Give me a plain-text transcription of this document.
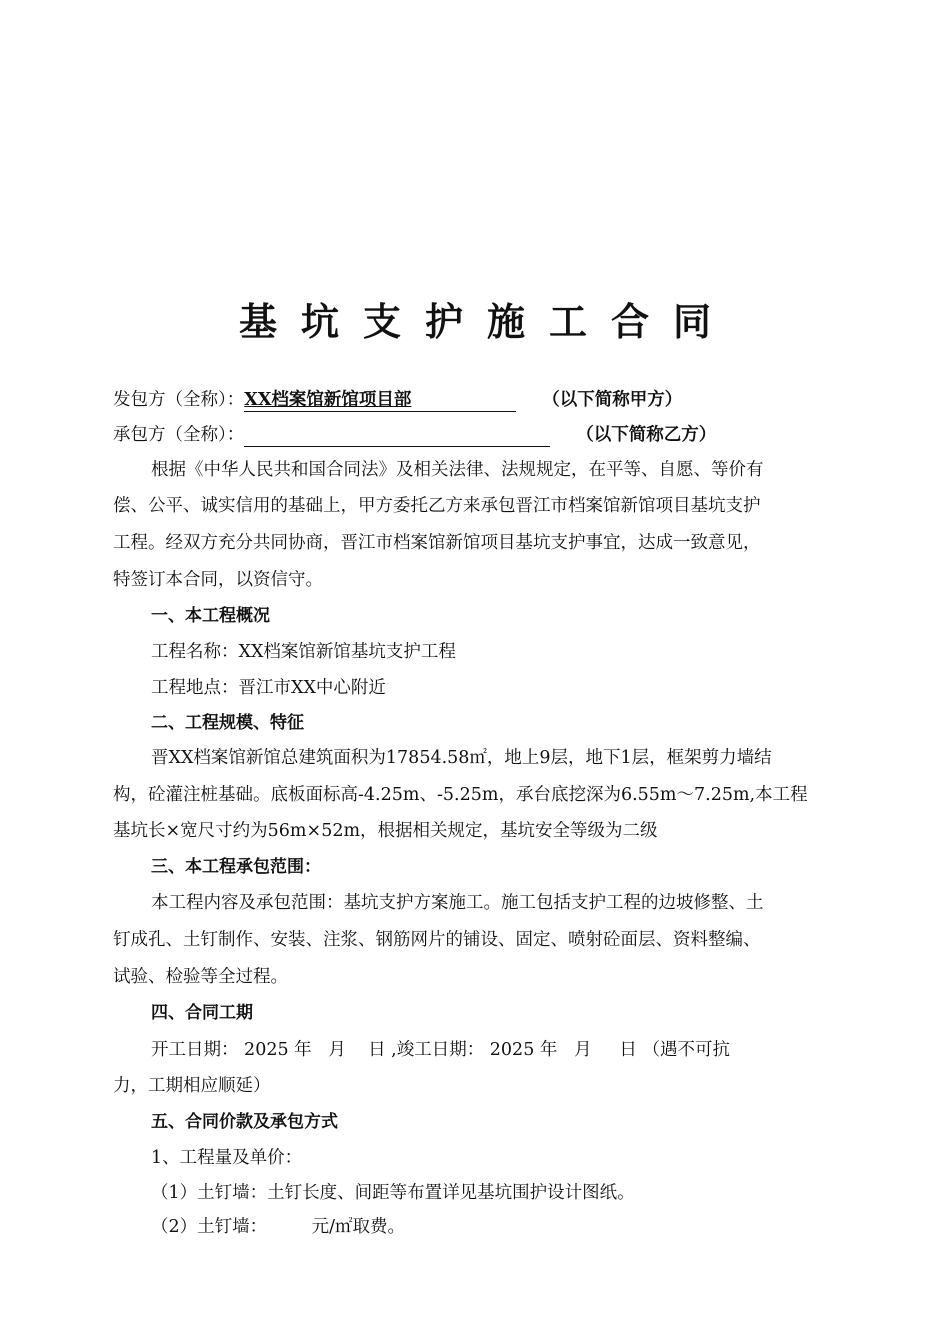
基坑支护施工合同
发包方（全称）：XX档案馆新馆项目部	（以下简称甲方）
承包方（全称）：	（以下简称乙方）
根据《中华人民共和国合同法》及相关法律、法规规定，在平等、自愿、等价有
偿、公平、诚实信用的基础上，甲方委托乙方来承包晋江市档案馆新馆项目基坑支护
工程。经双方充分共同协商，晋江市档案馆新馆项目基坑支护事宜，达成一致意见，
特签订本合同，以资信守。
一、本工程概况
工程名称：XX档案馆新馆基坑支护工程
工程地点：晋江市XX中心附近
二、工程规模、特征
晋XX档案馆新馆总建筑面积为17854.58㎡，地上9层，地下1层，框架剪力墙结
构，砼灌注桩基础。底板面标高-4.25m、-5.25m，承台底挖深为6.55m～7.25m,本工程
基坑长×宽尺寸约为56m×52m，根据相关规定，基坑安全等级为二级
三、本工程承包范围：
本工程内容及承包范围：基坑支护方案施工。施工包括支护工程的边坡修整、土
钉成孔、土钉制作、安装、注浆、钢筋网片的铺设、固定、喷射砼面层、资料整编、
试验、检验等全过程。
四、合同工期
开工日期： 2025 年   月    日 ,竣工日期： 2025 年   月     日 （遇不可抗
力，工期相应顺延）
五、合同价款及承包方式
1、工程量及单价：
（1）土钉墙：土钉长度、间距等布置详见基坑围护设计图纸。
（2）土钉墙：        元/㎡取费。
